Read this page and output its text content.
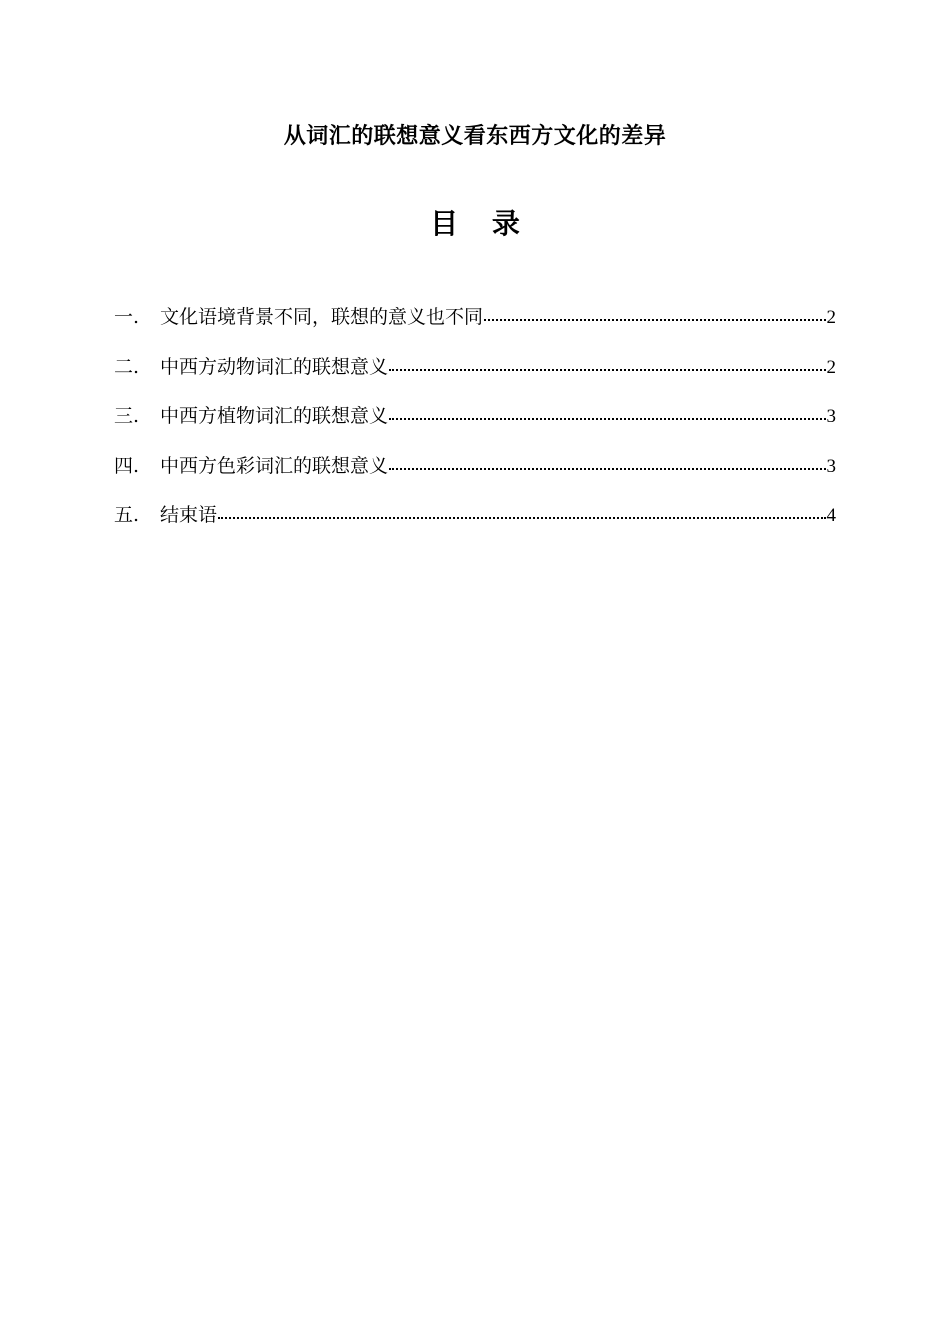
从词汇的联想意义看东西方文化的差异
目 录
一.	文化语境背景不同，联想的意义也不同	2
二.	中西方动物词汇的联想意义	2
三.	中西方植物词汇的联想意义	3
四.	中西方色彩词汇的联想意义	3
五.	结束语	4
